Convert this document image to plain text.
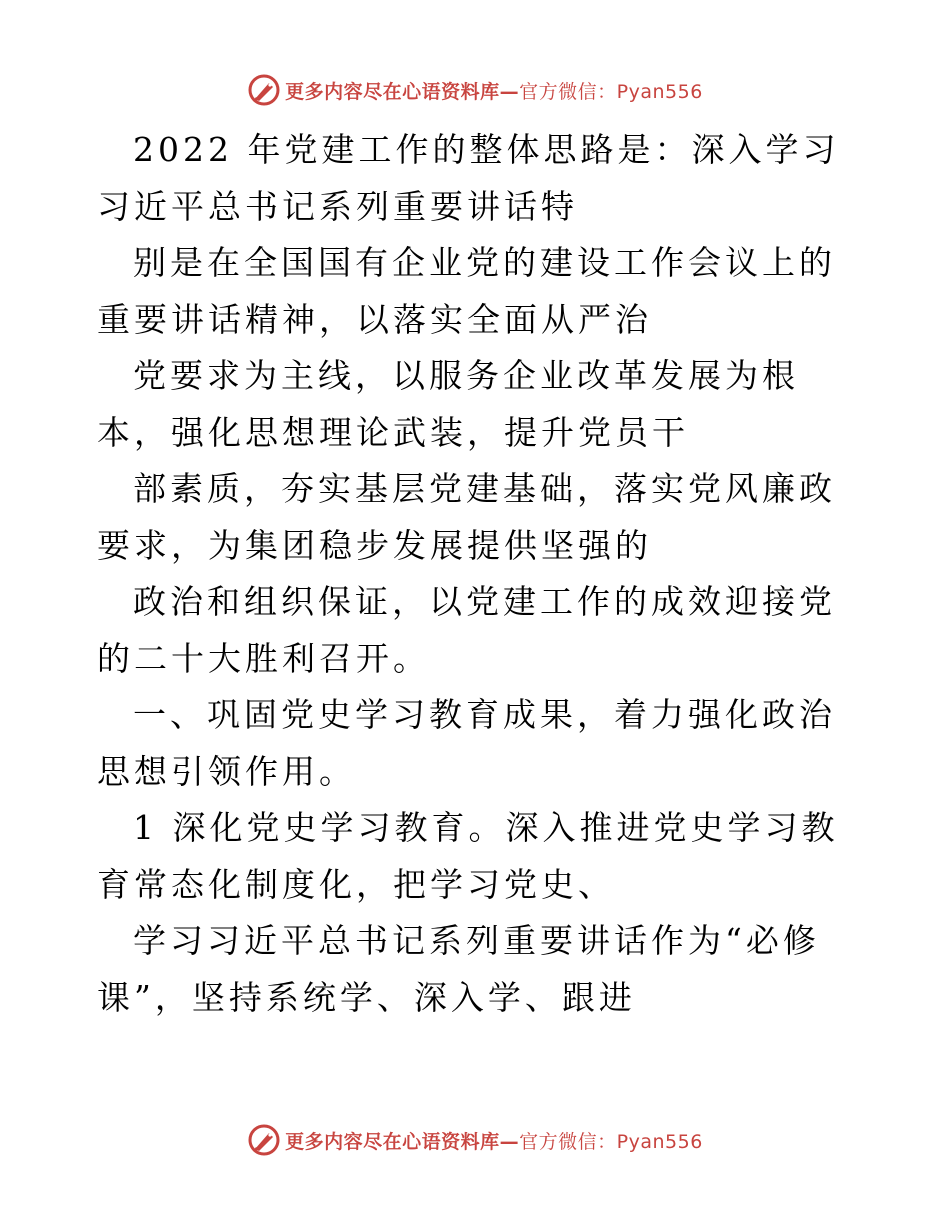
更多内容尽在心语资料库—官方微信：Pyan556

2022 年党建工作的整体思路是：深入学习习近平总书记系列重要讲话特

别是在全国国有企业党的建设工作会议上的重要讲话精神，以落实全面从严治

党要求为主线，以服务企业改革发展为根本，强化思想理论武装，提升党员干

部素质，夯实基层党建基础，落实党风廉政要求，为集团稳步发展提供坚强的

政治和组织保证，以党建工作的成效迎接党的二十大胜利召开。

一、巩固党史学习教育成果，着力强化政治思想引领作用。

1 深化党史学习教育。深入推进党史学习教育常态化制度化，把学习党史、

学习习近平总书记系列重要讲话作为“必修课”，坚持系统学、深入学、跟进

更多内容尽在心语资料库—官方微信：Pyan556
